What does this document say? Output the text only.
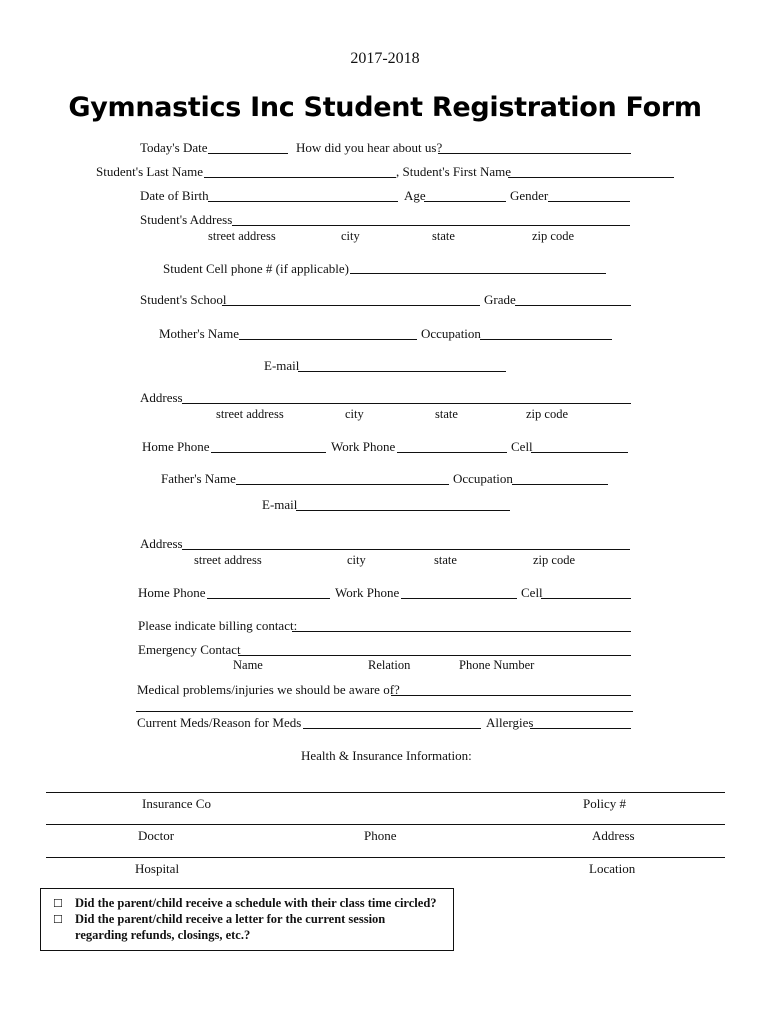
2017-2018
Gymnastics Inc Student Registration Form
Today's Date	How did you hear about us?
Student's Last Name	, Student's First Name
Date of Birth	Age	Gender
Student's Address
street address	city	state	zip code
Student Cell phone # (if applicable)
Student's School	Grade
Mother's Name	Occupation
E-mail
Address
street address	city	state	zip code
Home Phone	Work Phone	Cell
Father's Name	Occupation
E-mail
Address
street address	city	state	zip code
Home Phone	Work Phone	Cell
Please indicate billing contact:
Emergency Contact
Name	Relation	Phone Number
Medical problems/injuries we should be aware of?
Current Meds/Reason for Meds	Allergies
Health & Insurance Information:
Insurance Co	Policy #
Doctor	Phone	Address
Hospital	Location
☐ Did the parent/child receive a schedule with their class time circled?
☐ Did the parent/child receive a letter for the current session
regarding refunds, closings, etc.?
